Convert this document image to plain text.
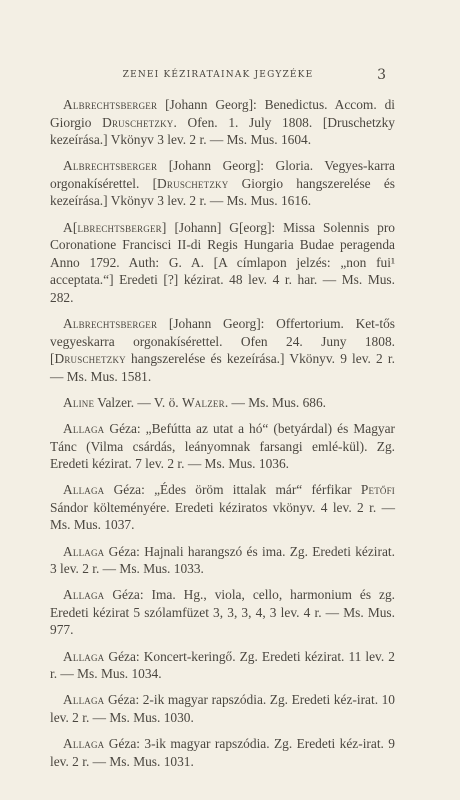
ZENEI KÉZIRATAINAK JEGYZÉKE	3

Albrechtsberger [Johann Georg]: Benedictus. Accom. di Giorgio Druschetzky. Ofen. 1. July 1808. [Druschetzky kezeírása.] Vkönyv 3 lev. 2 r. — Ms. Mus. 1604.

Albrechtsberger [Johann Georg]: Gloria. Vegyes-karra orgonakísérettel. [Druschetzky Giorgio hangszerelése és kezeírása.] Vkönyv 3 lev. 2 r. — Ms. Mus. 1616.

A[lbrechtsberger] [Johann] G[eorg]: Missa Solennis pro Coronatione Francisci II-di Regis Hungaria Budae peragenda Anno 1792. Auth: G. A. [A címlapon jelzés: „non fui¹ acceptata.“] Eredeti [?] kézirat. 48 lev. 4 r. har. — Ms. Mus. 282.

Albrechtsberger [Johann Georg]: Offertorium. Ket-tős vegyeskarra orgonakísérettel. Ofen 24. Juny 1808. [Druschetzky hangszerelése és kezeírása.] Vkönyv. 9 lev. 2 r. — Ms. Mus. 1581.

Aline Valzer. — V. ö. Walzer. — Ms. Mus. 686.

Allaga Géza: „Befútta az utat a hó“ (betyárdal) és Magyar Tánc (Vilma csárdás, leányomnak farsangi emlé-kül). Zg. Eredeti kézirat. 7 lev. 2 r. — Ms. Mus. 1036.

Allaga Géza: „Édes öröm ittalak már“ férfikar Petőfi Sándor költeményére. Eredeti kéziratos vkönyv. 4 lev. 2 r. — Ms. Mus. 1037.

Allaga Géza: Hajnali harangszó és ima. Zg. Eredeti kézirat. 3 lev. 2 r. — Ms. Mus. 1033.

Allaga Géza: Ima. Hg., viola, cello, harmonium és zg. Eredeti kézirat 5 szólamfüzet 3, 3, 3, 4, 3 lev. 4 r. — Ms. Mus. 977.

Allaga Géza: Koncert-keringő. Zg. Eredeti kézirat. 11 lev. 2 r. — Ms. Mus. 1034.

Allaga Géza: 2-ik magyar rapszódia. Zg. Eredeti kéz-irat. 10 lev. 2 r. — Ms. Mus. 1030.

Allaga Géza: 3-ik magyar rapszódia. Zg. Eredeti kéz-irat. 9 lev. 2 r. — Ms. Mus. 1031.
